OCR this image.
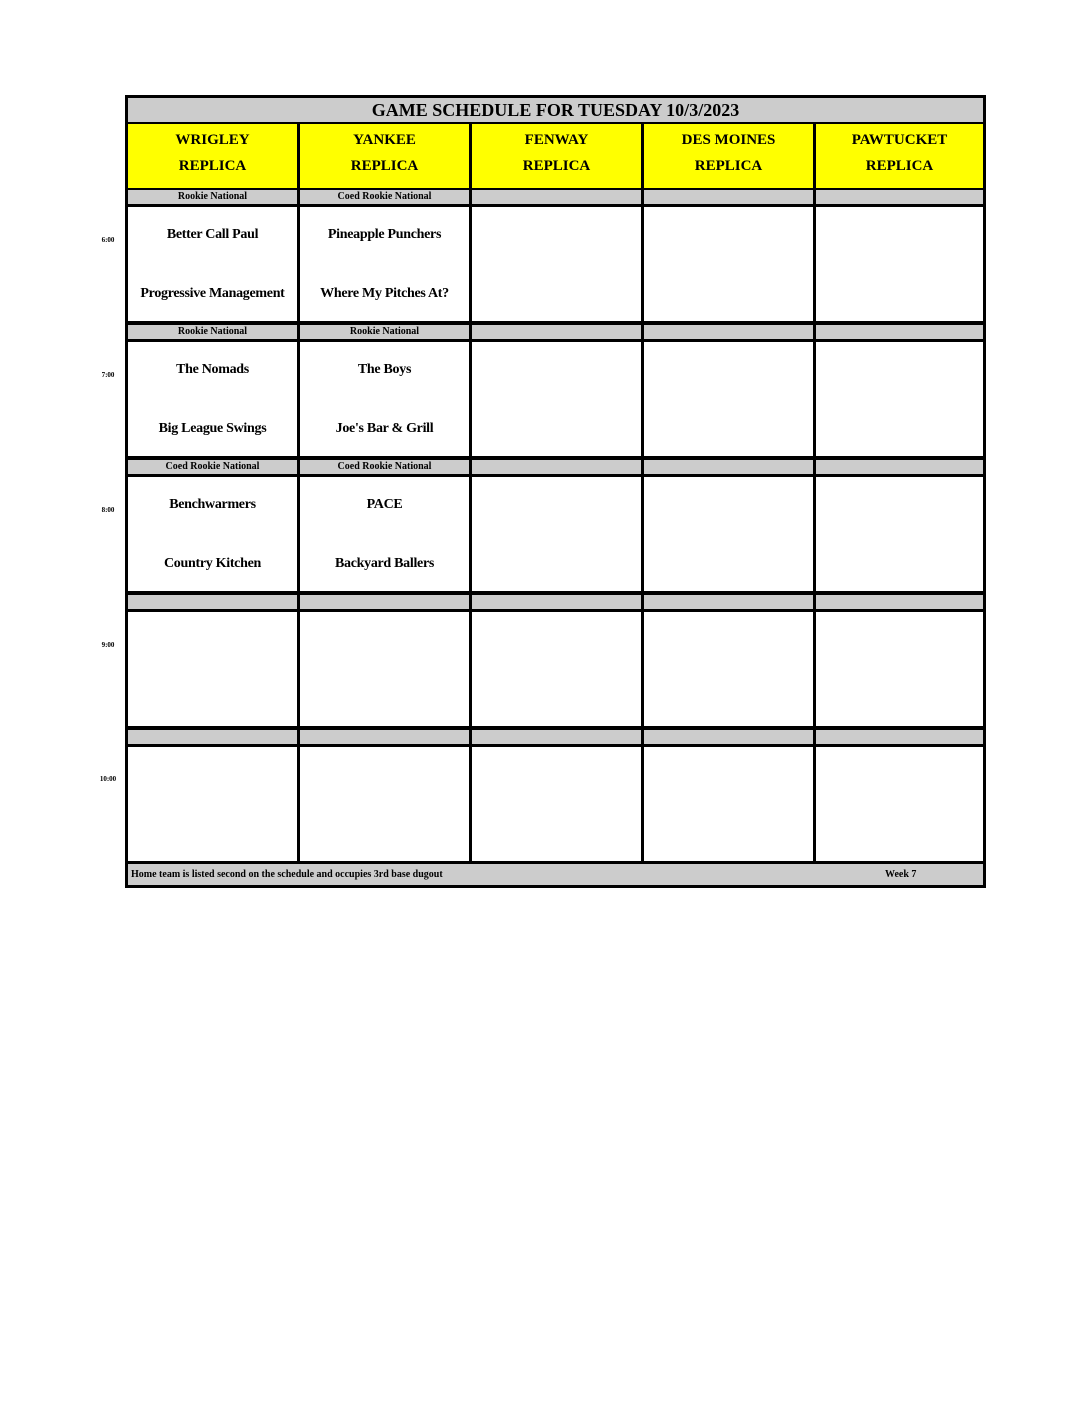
GAME SCHEDULE FOR TUESDAY 10/3/2023
Home team is listed second on the schedule and occupies 3rd base dugout	Week 7
WRIGLEY
REPLICA
YANKEE
REPLICA
FENWAY
REPLICA
DES MOINES
REPLICA
PAWTUCKET
REPLICA
Rookie National
Better Call Paul
Progressive Management
Coed Rookie National
Pineapple Punchers
Where My Pitches At?
Rookie National
The Nomads
Big League Swings
Rookie National
The Boys
Joe's Bar & Grill
Coed Rookie National
Benchwarmers
Country Kitchen
Coed Rookie National
PACE
Backyard Ballers
6:00
7:00
8:00
9:00
10:00
